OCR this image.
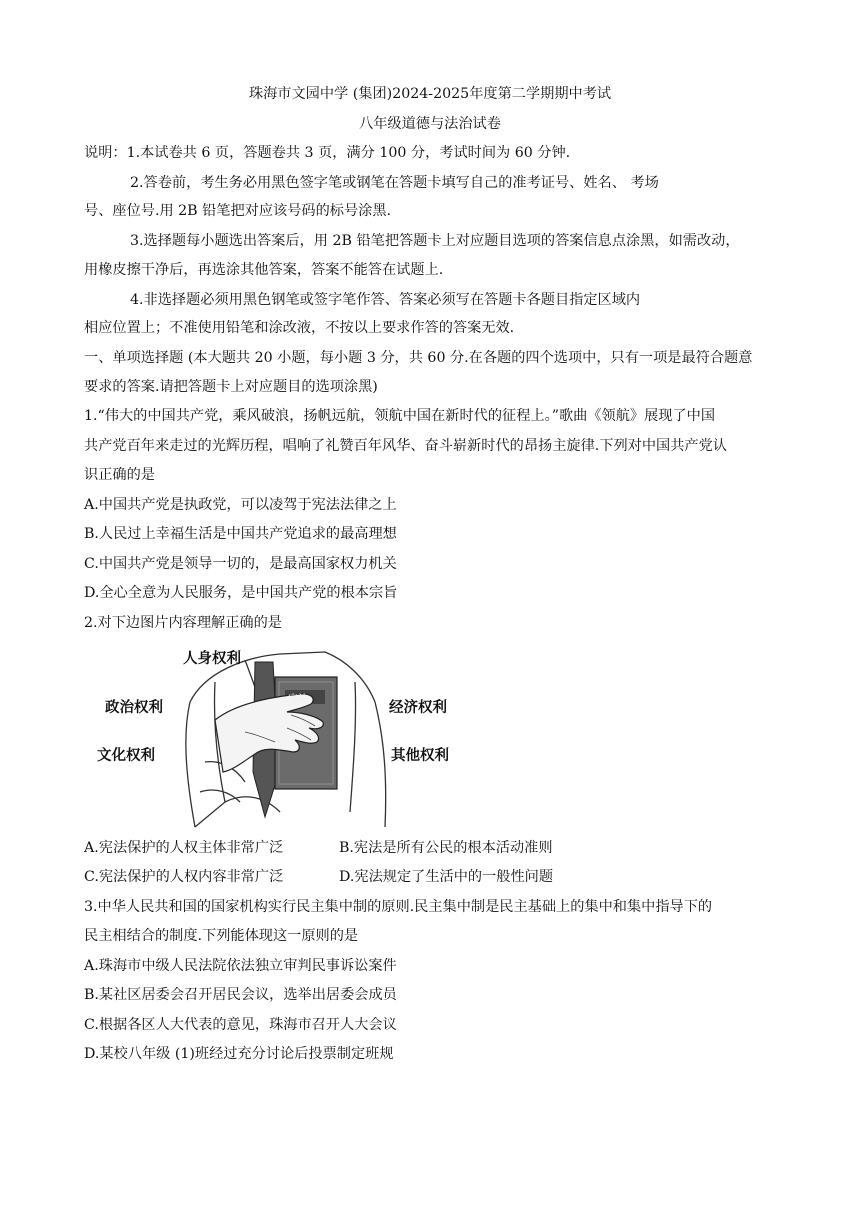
珠海市文园中学 (集团)2024-2025年度第二学期期中考试
八年级道德与法治试卷
说明：1.本试卷共 6 页，答题卷共 3 页，满分 100 分，考试时间为 60 分钟.
2.答卷前，考生务必用黑色签字笔或钢笔在答题卡填写自己的准考证号、姓名、 考场
号、座位号.用 2B 铅笔把对应该号码的标号涂黑.
3.选择题每小题选出答案后，用 2B 铅笔把答题卡上对应题目选项的答案信息点涂黑，如需改动，
用橡皮擦干净后，再选涂其他答案，答案不能答在试题上.
4.非选择题必须用黑色钢笔或签字笔作答、答案必须写在答题卡各题目指定区域内
相应位置上；不准使用铅笔和涂改液，不按以上要求作答的答案无效.
一、单项选择题 (本大题共 20 小题，每小题 3 分，共 60 分.在各题的四个选项中，只有一项是最符合题意
要求的答案.请把答题卡上对应题目的选项涂黑)
1.“伟大的中国共产党，乘风破浪，扬帆远航，领航中国在新时代的征程上。”歌曲《领航》展现了中国
共产党百年来走过的光辉历程，唱响了礼赞百年风华、奋斗崭新时代的昂扬主旋律.下列对中国共产党认
识正确的是
A.中国共产党是执政党，可以凌驾于宪法法律之上
B.人民过上幸福生活是中国共产党追求的最高理想
C.中国共产党是领导一切的，是最高国家权力机关
D.全心全意为人民服务，是中国共产党的根本宗旨
2.对下边图片内容理解正确的是
人身权利
政治权利
文化权利
经济权利
其他权利
宪法
A.宪法保护的人权主体非常广泛	B.宪法是所有公民的根本活动准则
C.宪法保护的人权内容非常广泛	D.宪法规定了生活中的一般性问题
3.中华人民共和国的国家机构实行民主集中制的原则.民主集中制是民主基础上的集中和集中指导下的
民主相结合的制度.下列能体现这一原则的是
A.珠海市中级人民法院依法独立审判民事诉讼案件
B.某社区居委会召开居民会议，选举出居委会成员
C.根据各区人大代表的意见，珠海市召开人大会议
D.某校八年级 (1)班经过充分讨论后投票制定班规
